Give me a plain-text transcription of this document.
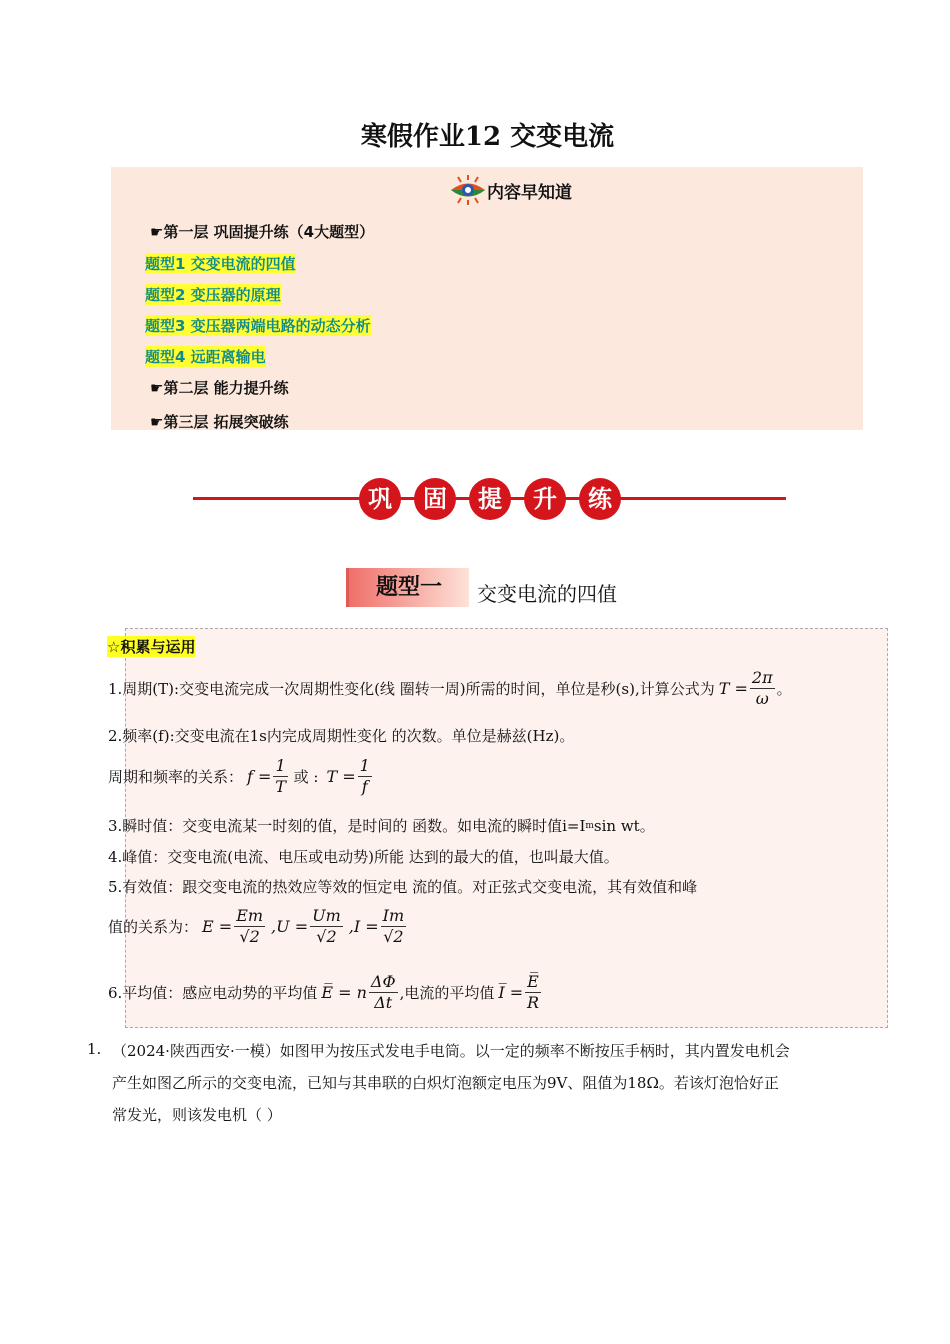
寒假作业12 交变电流
内容早知道
☛第一层 巩固提升练（4大题型）
题型1 交变电流的四值
题型2 变压器的原理
题型3 变压器两端电路的动态分析
题型4 远距离输电
☛第二层 能力提升练
☛第三层 拓展突破练
巩	固	提	升	练
题型一	交变电流的四值
☆积累与运用
1.周期(T):交变电流完成一次周期性变化(线 圈转一周)所需的时间，单位是秒(s),计算公式为 $T = \frac{2\pi}{\omega}$ 。
2.频率(f):交变电流在1s内完成周期性变化 的次数。单位是赫兹(Hz)。
周期和频率的关系： $f = \frac{1}{T}$ 或 : $T = \frac{1}{f}$
3.瞬时值：交变电流某一时刻的值，是时间的 函数。如电流的瞬时值i=I m sin wt。
4.峰值：交变电流(电流、电压或电动势)所能 达到的最大的值，也叫最大值。
5.有效值：跟交变电流的热效应等效的恒定电 流的值。对正弦式交变电流，其有效值和峰
值的关系为： $E = \frac{Em}{√2} ,U = \frac{Um}{√2} ,I = \frac{Im}{√2}$
6.平均值：感应电动势的平均值 E̅ = n $\frac{\Delta\Phi}{\Delta t}$ ,电流的平均值 I̅ = $\frac{E̅}{R}$
1. （2024·陕西西安·一模）如图甲为按压式发电手电筒。以一定的频率不断按压手柄时，其内置发电机会
产生如图乙所示的交变电流，已知与其串联的白炽灯泡额定电压为9V、阻值为18Ω。若该灯泡恰好正
常发光，则该发电机（ ）
